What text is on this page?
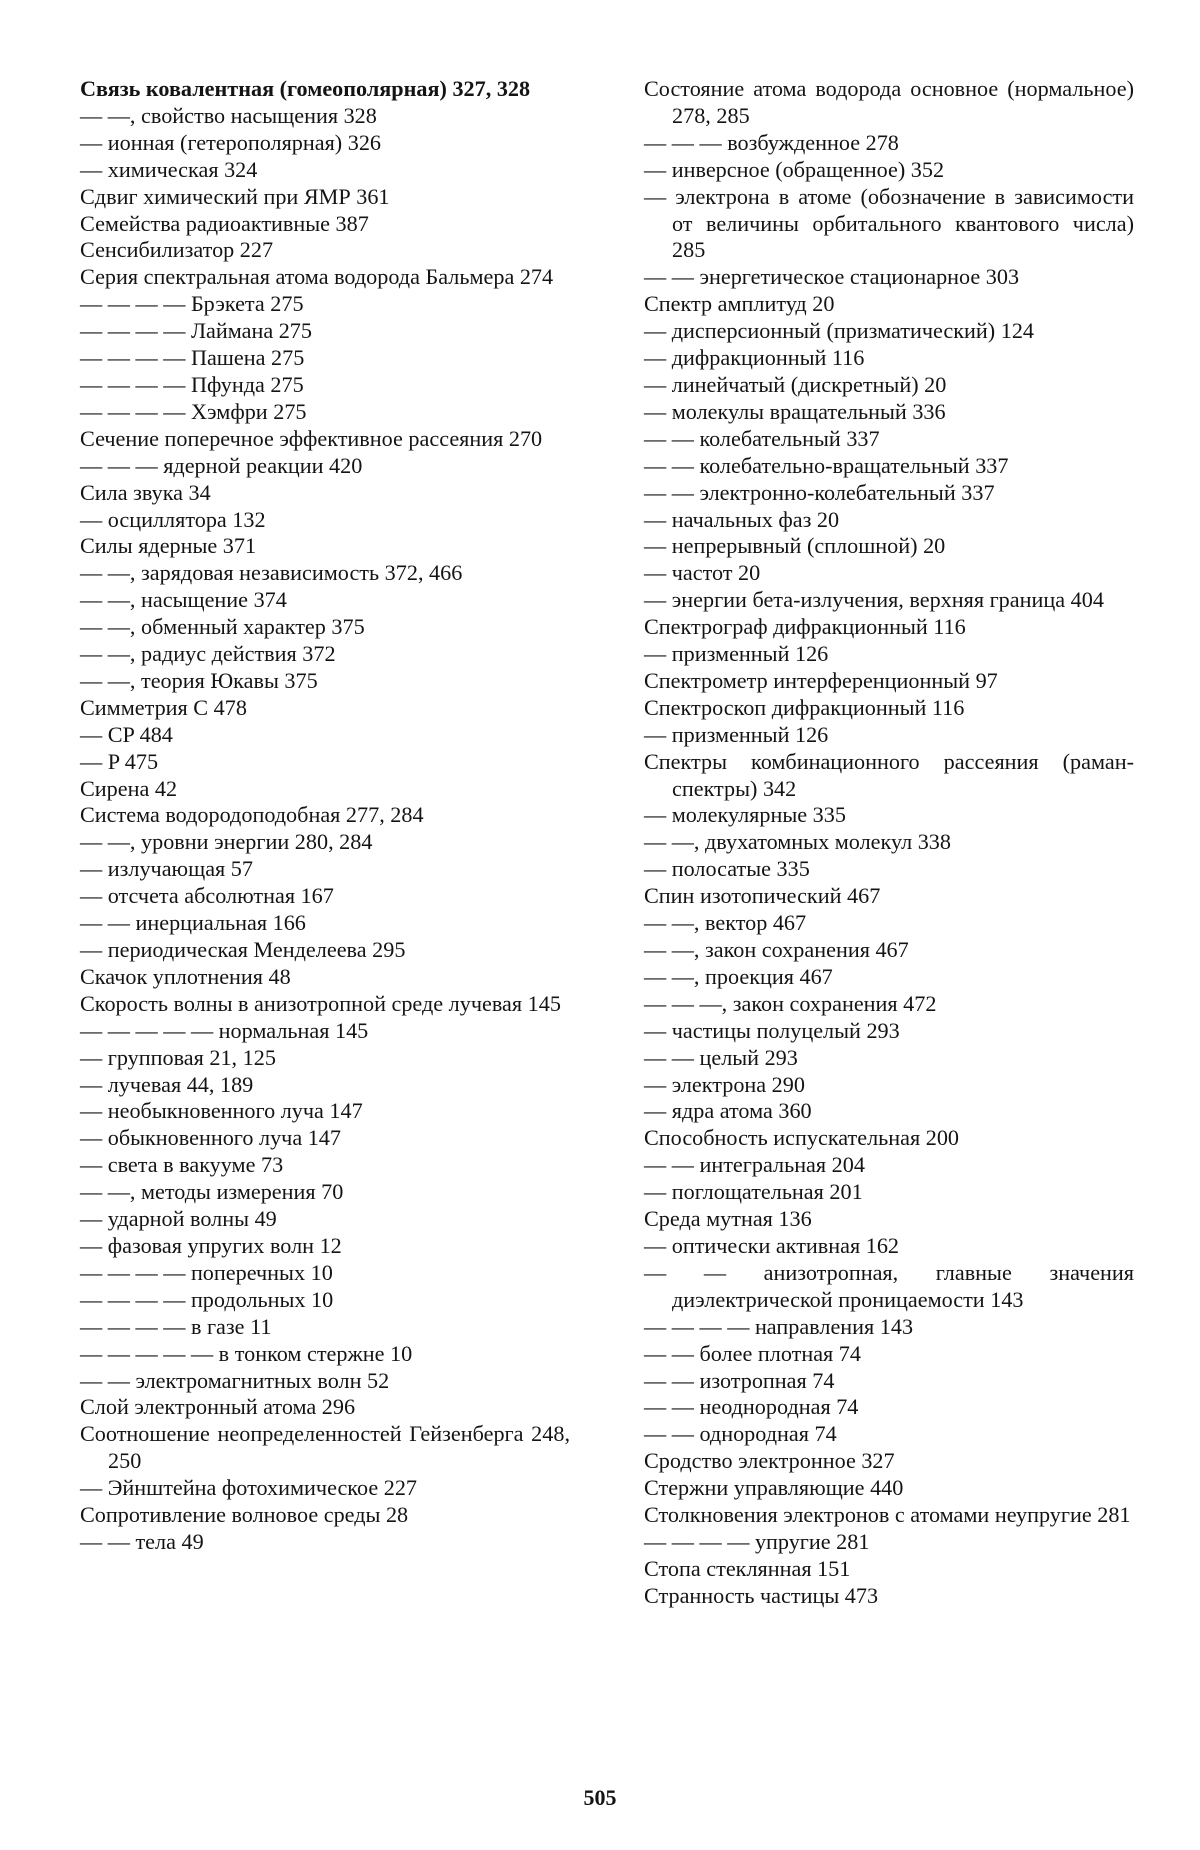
Связь ковалентная (гомеополярная) 327, 328
— —, свойство насыщения 328
— ионная (гетерополярная) 326
— химическая 324
Сдвиг химический при ЯМР 361
Семейства радиоактивные 387
Сенсибилизатор 227
Серия спектральная атома водорода Бальмера 274
— — — — Брэкета 275
— — — — Лаймана 275
— — — — Пашена 275
— — — — Пфунда 275
— — — — Хэмфри 275
Сечение поперечное эффективное рассеяния 270
— — — ядерной реакции 420
Сила звука 34
— осциллятора 132
Силы ядерные 371
— —, зарядовая независимость 372, 466
— —, насыщение 374
— —, обменный характер 375
— —, радиус действия 372
— —, теория Юкавы 375
Симметрия С 478
— CP 484
— P 475
Сирена 42
Система водородоподобная 277, 284
— —, уровни энергии 280, 284
— излучающая 57
— отсчета абсолютная 167
— — инерциальная 166
— периодическая Менделеева 295
Скачок уплотнения 48
Скорость волны в анизотропной среде лучевая 145
— — — — — нормальная 145
— групповая 21, 125
— лучевая 44, 189
— необыкновенного луча 147
— обыкновенного луча 147
— света в вакууме 73
— —, методы измерения 70
— ударной волны 49
— фазовая упругих волн 12
— — — — поперечных 10
— — — — продольных 10
— — — — в газе 11
— — — — — в тонком стержне 10
— — электромагнитных волн 52
Слой электронный атома 296
Соотношение неопределенностей Гейзенберга 248, 250
— Эйнштейна фотохимическое 227
Сопротивление волновое среды 28
— — тела 49
Состояние атома водорода основное (нормальное) 278, 285
— — — возбужденное 278
— инверсное (обращенное) 352
— электрона в атоме (обозначение в зависимости от величины орбитального квантового числа) 285
— — энергетическое стационарное 303
Спектр амплитуд 20
— дисперсионный (призматический) 124
— дифракционный 116
— линейчатый (дискретный) 20
— молекулы вращательный 336
— — колебательный 337
— — колебательно-вращательный 337
— — электронно-колебательный 337
— начальных фаз 20
— непрерывный (сплошной) 20
— частот 20
— энергии бета-излучения, верхняя граница 404
Спектрограф дифракционный 116
— призменный 126
Спектрометр интерференционный 97
Спектроскоп дифракционный 116
— призменный 126
Спектры комбинационного рассеяния (раман-спектры) 342
— молекулярные 335
— —, двухатомных молекул 338
— полосатые 335
Спин изотопический 467
— —, вектор 467
— —, закон сохранения 467
— —, проекция 467
— — —, закон сохранения 472
— частицы полуцелый 293
— — целый 293
— электрона 290
— ядра атома 360
Способность испускательная 200
— — интегральная 204
— поглощательная 201
Среда мутная 136
— оптически активная 162
— — анизотропная, главные значения диэлектрической проницаемости 143
— — — — направления 143
— — более плотная 74
— — изотропная 74
— — неоднородная 74
— — однородная 74
Сродство электронное 327
Стержни управляющие 440
Столкновения электронов с атомами неупругие 281
— — — — упругие 281
Стопа стеклянная 151
Странность частицы 473
505
